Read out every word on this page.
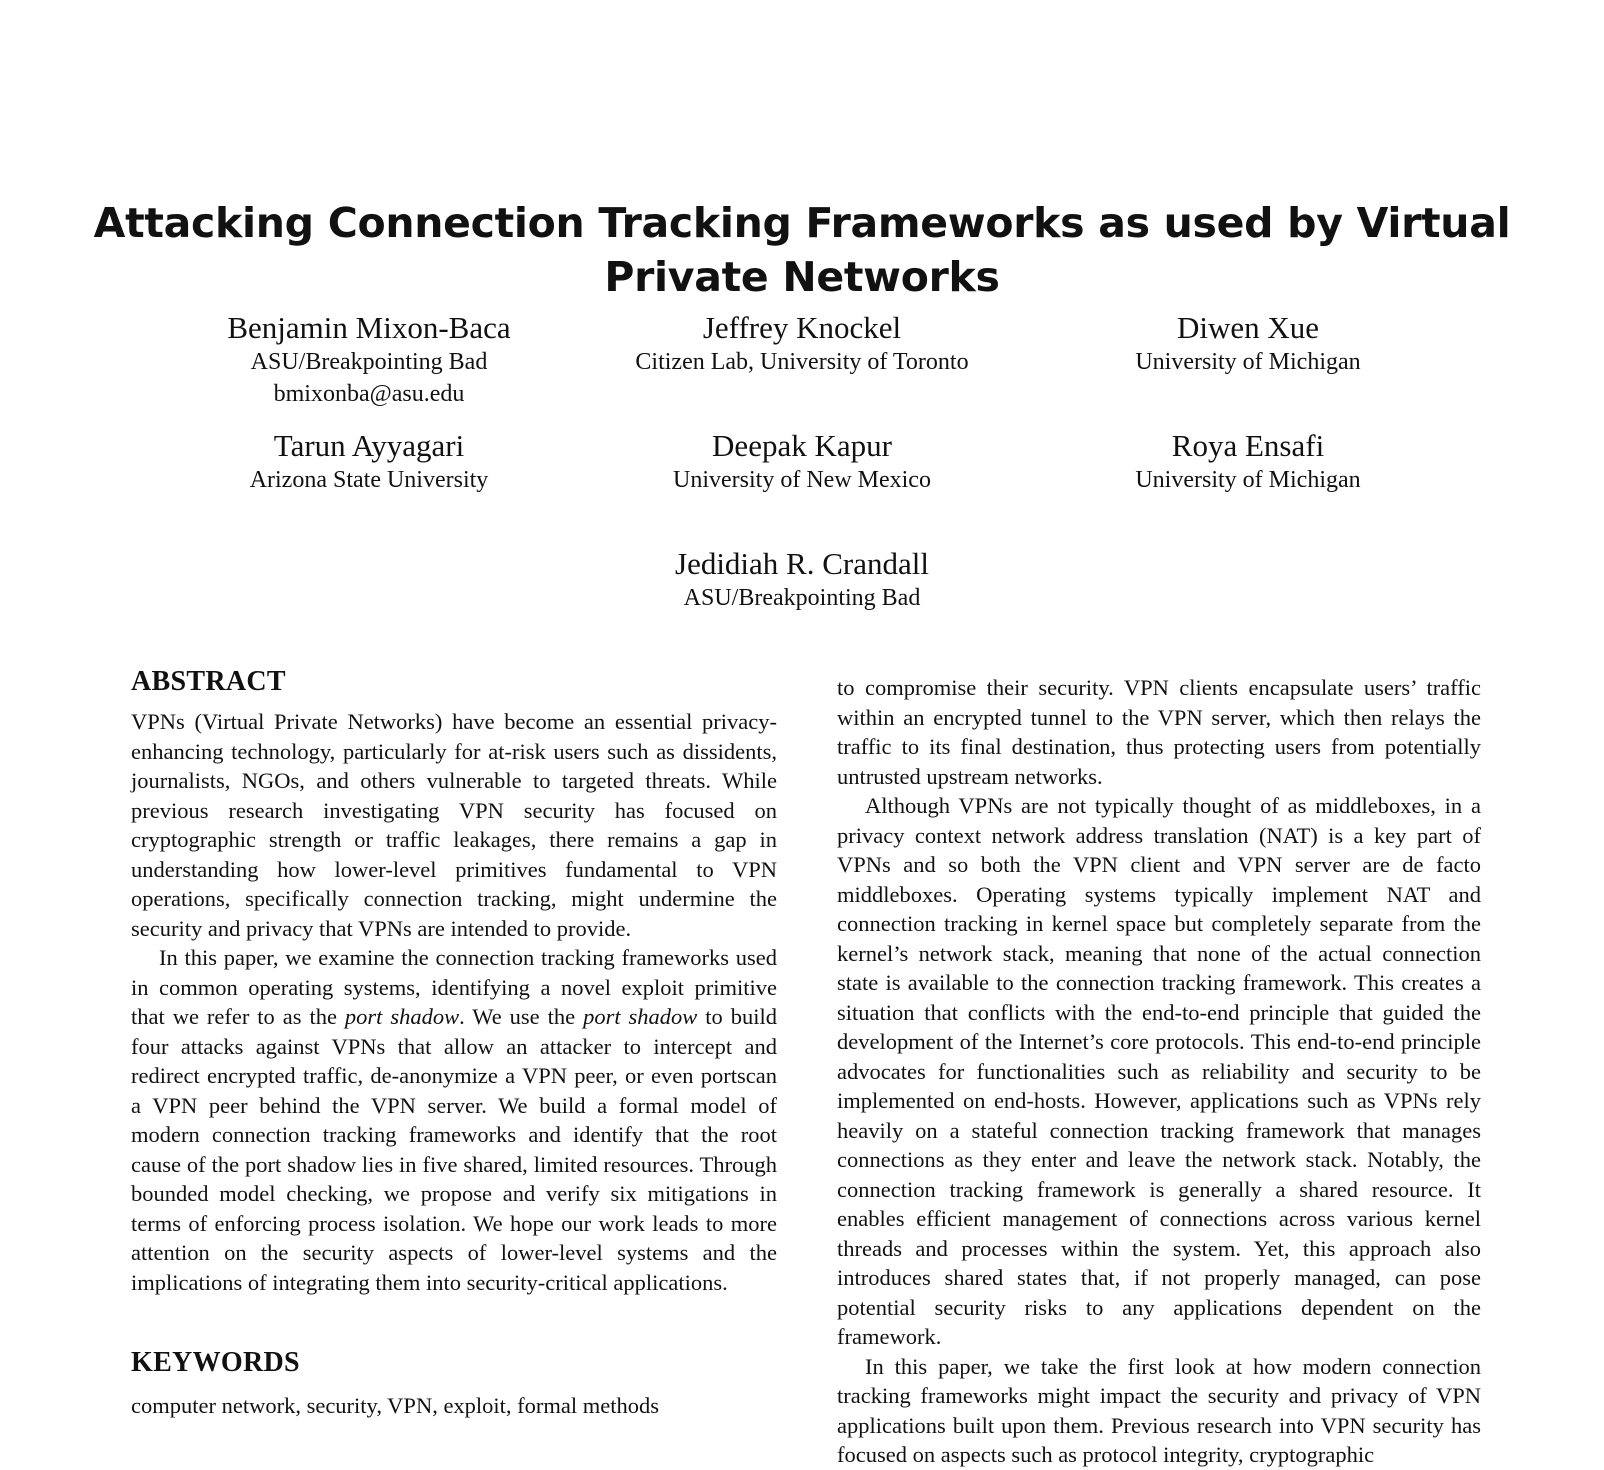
Attacking Connection Tracking Frameworks as used by Virtual
Private Networks
Benjamin Mixon-Baca
ASU/Breakpointing Bad
bmixonba@asu.edu
Jeffrey Knockel
Citizen Lab, University of Toronto
Diwen Xue
University of Michigan
Tarun Ayyagari
Arizona State University
Deepak Kapur
University of New Mexico
Roya Ensafi
University of Michigan
Jedidiah R. Crandall
ASU/Breakpointing Bad
ABSTRACT

VPNs (Virtual Private Networks) have become an essential privacy-enhancing technology, particularly for at-risk users such as dissidents, journalists, NGOs, and others vulnerable to targeted threats. While previous research investigating VPN security has focused on cryptographic strength or traffic leakages, there remains a gap in understanding how lower-level primitives fundamental to VPN operations, specifically connection tracking, might undermine the security and privacy that VPNs are intended to provide.

In this paper, we examine the connection tracking frameworks used in common operating systems, identifying a novel exploit primitive that we refer to as the port shadow. We use the port shadow to build four attacks against VPNs that allow an attacker to intercept and redirect encrypted traffic, de-anonymize a VPN peer, or even portscan a VPN peer behind the VPN server. We build a formal model of modern connection tracking frameworks and identify that the root cause of the port shadow lies in five shared, limited resources. Through bounded model checking, we propose and verify six mitigations in terms of enforcing process isolation. We hope our work leads to more attention on the security aspects of lower-level systems and the implications of integrating them into security-critical applications.

KEYWORDS
computer network, security, VPN, exploit, formal methods

to compromise their security. VPN clients encapsulate users’ traffic within an encrypted tunnel to the VPN server, which then relays the traffic to its final destination, thus protecting users from potentially untrusted upstream networks.

Although VPNs are not typically thought of as middleboxes, in a privacy context network address translation (NAT) is a key part of VPNs and so both the VPN client and VPN server are de facto middleboxes. Operating systems typically implement NAT and connection tracking in kernel space but completely separate from the kernel’s network stack, meaning that none of the actual connection state is available to the connection tracking framework. This creates a situation that conflicts with the end-to-end principle that guided the development of the Internet’s core protocols. This end-to-end principle advocates for functionalities such as reliability and security to be implemented on end-hosts. However, applications such as VPNs rely heavily on a stateful connection tracking framework that manages connections as they enter and leave the network stack. Notably, the connection tracking framework is generally a shared resource. It enables efficient management of connections across various kernel threads and processes within the system. Yet, this approach also introduces shared states that, if not properly managed, can pose potential security risks to any applications dependent on the framework.

In this paper, we take the first look at how modern connection tracking frameworks might impact the security and privacy of VPN applications built upon them. Previous research into VPN security has focused on aspects such as protocol integrity, cryptographic
